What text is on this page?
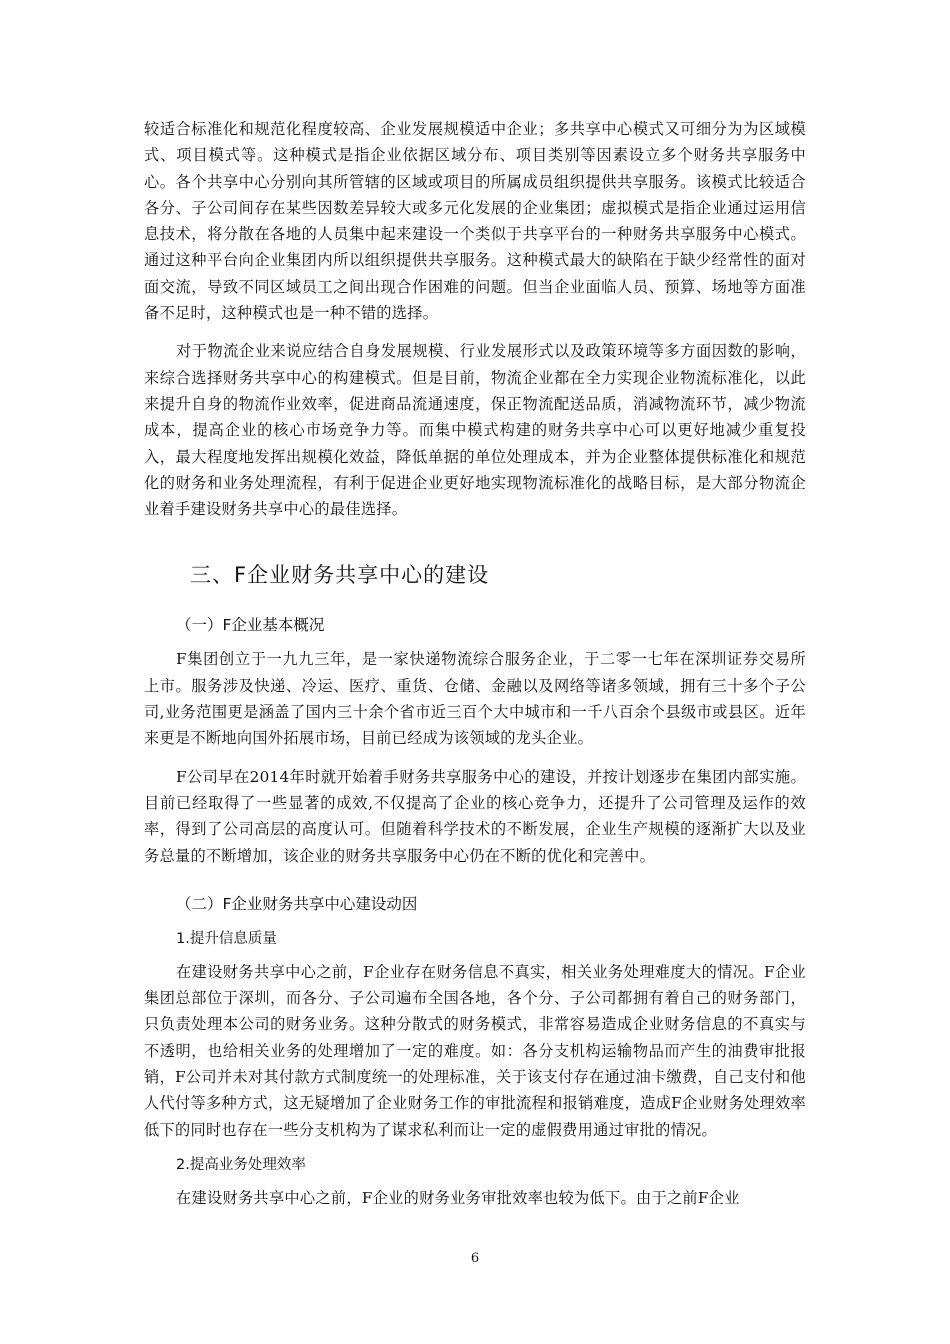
较适合标准化和规范化程度较高、企业发展规模适中企业；多共享中心模式又可细分为为区域模式、项目模式等。这种模式是指企业依据区域分布、项目类别等因素设立多个财务共享服务中心。各个共享中心分别向其所管辖的区域或项目的所属成员组织提供共享服务。该模式比较适合各分、子公司间存在某些因数差异较大或多元化发展的企业集团；虚拟模式是指企业通过运用信息技术，将分散在各地的人员集中起来建设一个类似于共享平台的一种财务共享服务中心模式。通过这种平台向企业集团内所以组织提供共享服务。这种模式最大的缺陷在于缺少经常性的面对面交流，导致不同区域员工之间出现合作困难的问题。但当企业面临人员、预算、场地等方面准备不足时，这种模式也是一种不错的选择。

对于物流企业来说应结合自身发展规模、行业发展形式以及政策环境等多方面因数的影响，来综合选择财务共享中心的构建模式。但是目前，物流企业都在全力实现企业物流标准化，以此来提升自身的物流作业效率，促进商品流通速度，保正物流配送品质，消减物流环节，减少物流成本，提高企业的核心市场竞争力等。而集中模式构建的财务共享中心可以更好地减少重复投入，最大程度地发挥出规模化效益，降低单据的单位处理成本，并为企业整体提供标准化和规范化的财务和业务处理流程，有利于促进企业更好地实现物流标准化的战略目标，是大部分物流企业着手建设财务共享中心的最佳选择。

三、F企业财务共享中心的建设
（一）F企业基本概况

F集团创立于一九九三年，是一家快递物流综合服务企业，于二零一七年在深圳证券交易所上市。服务涉及快递、冷运、医疗、重货、仓储、金融以及网络等诸多领域，拥有三十多个子公司,业务范围更是涵盖了国内三十余个省市近三百个大中城市和一千八百余个县级市或县区。近年来更是不断地向国外拓展市场，目前已经成为该领域的龙头企业。

F公司早在2014年时就开始着手财务共享服务中心的建设，并按计划逐步在集团内部实施。目前已经取得了一些显著的成效,不仅提高了企业的核心竞争力，还提升了公司管理及运作的效率，得到了公司高层的高度认可。但随着科学技术的不断发展，企业生产规模的逐渐扩大以及业务总量的不断增加，该企业的财务共享服务中心仍在不断的优化和完善中。

（二）F企业财务共享中心建设动因
1.提升信息质量

在建设财务共享中心之前，F企业存在财务信息不真实，相关业务处理难度大的情况。F企业集团总部位于深圳，而各分、子公司遍布全国各地，各个分、子公司都拥有着自己的财务部门，只负责处理本公司的财务业务。这种分散式的财务模式，非常容易造成企业财务信息的不真实与不透明，也给相关业务的处理增加了一定的难度。如：各分支机构运输物品而产生的油费审批报销，F公司并未对其付款方式制度统一的处理标准，关于该支付存在通过油卡缴费，自己支付和他人代付等多种方式，这无疑增加了企业财务工作的审批流程和报销难度，造成F企业财务处理效率低下的同时也存在一些分支机构为了谋求私利而让一定的虚假费用通过审批的情况。

2.提高业务处理效率

在建设财务共享中心之前，F企业的财务业务审批效率也较为低下。由于之前F企业

6
